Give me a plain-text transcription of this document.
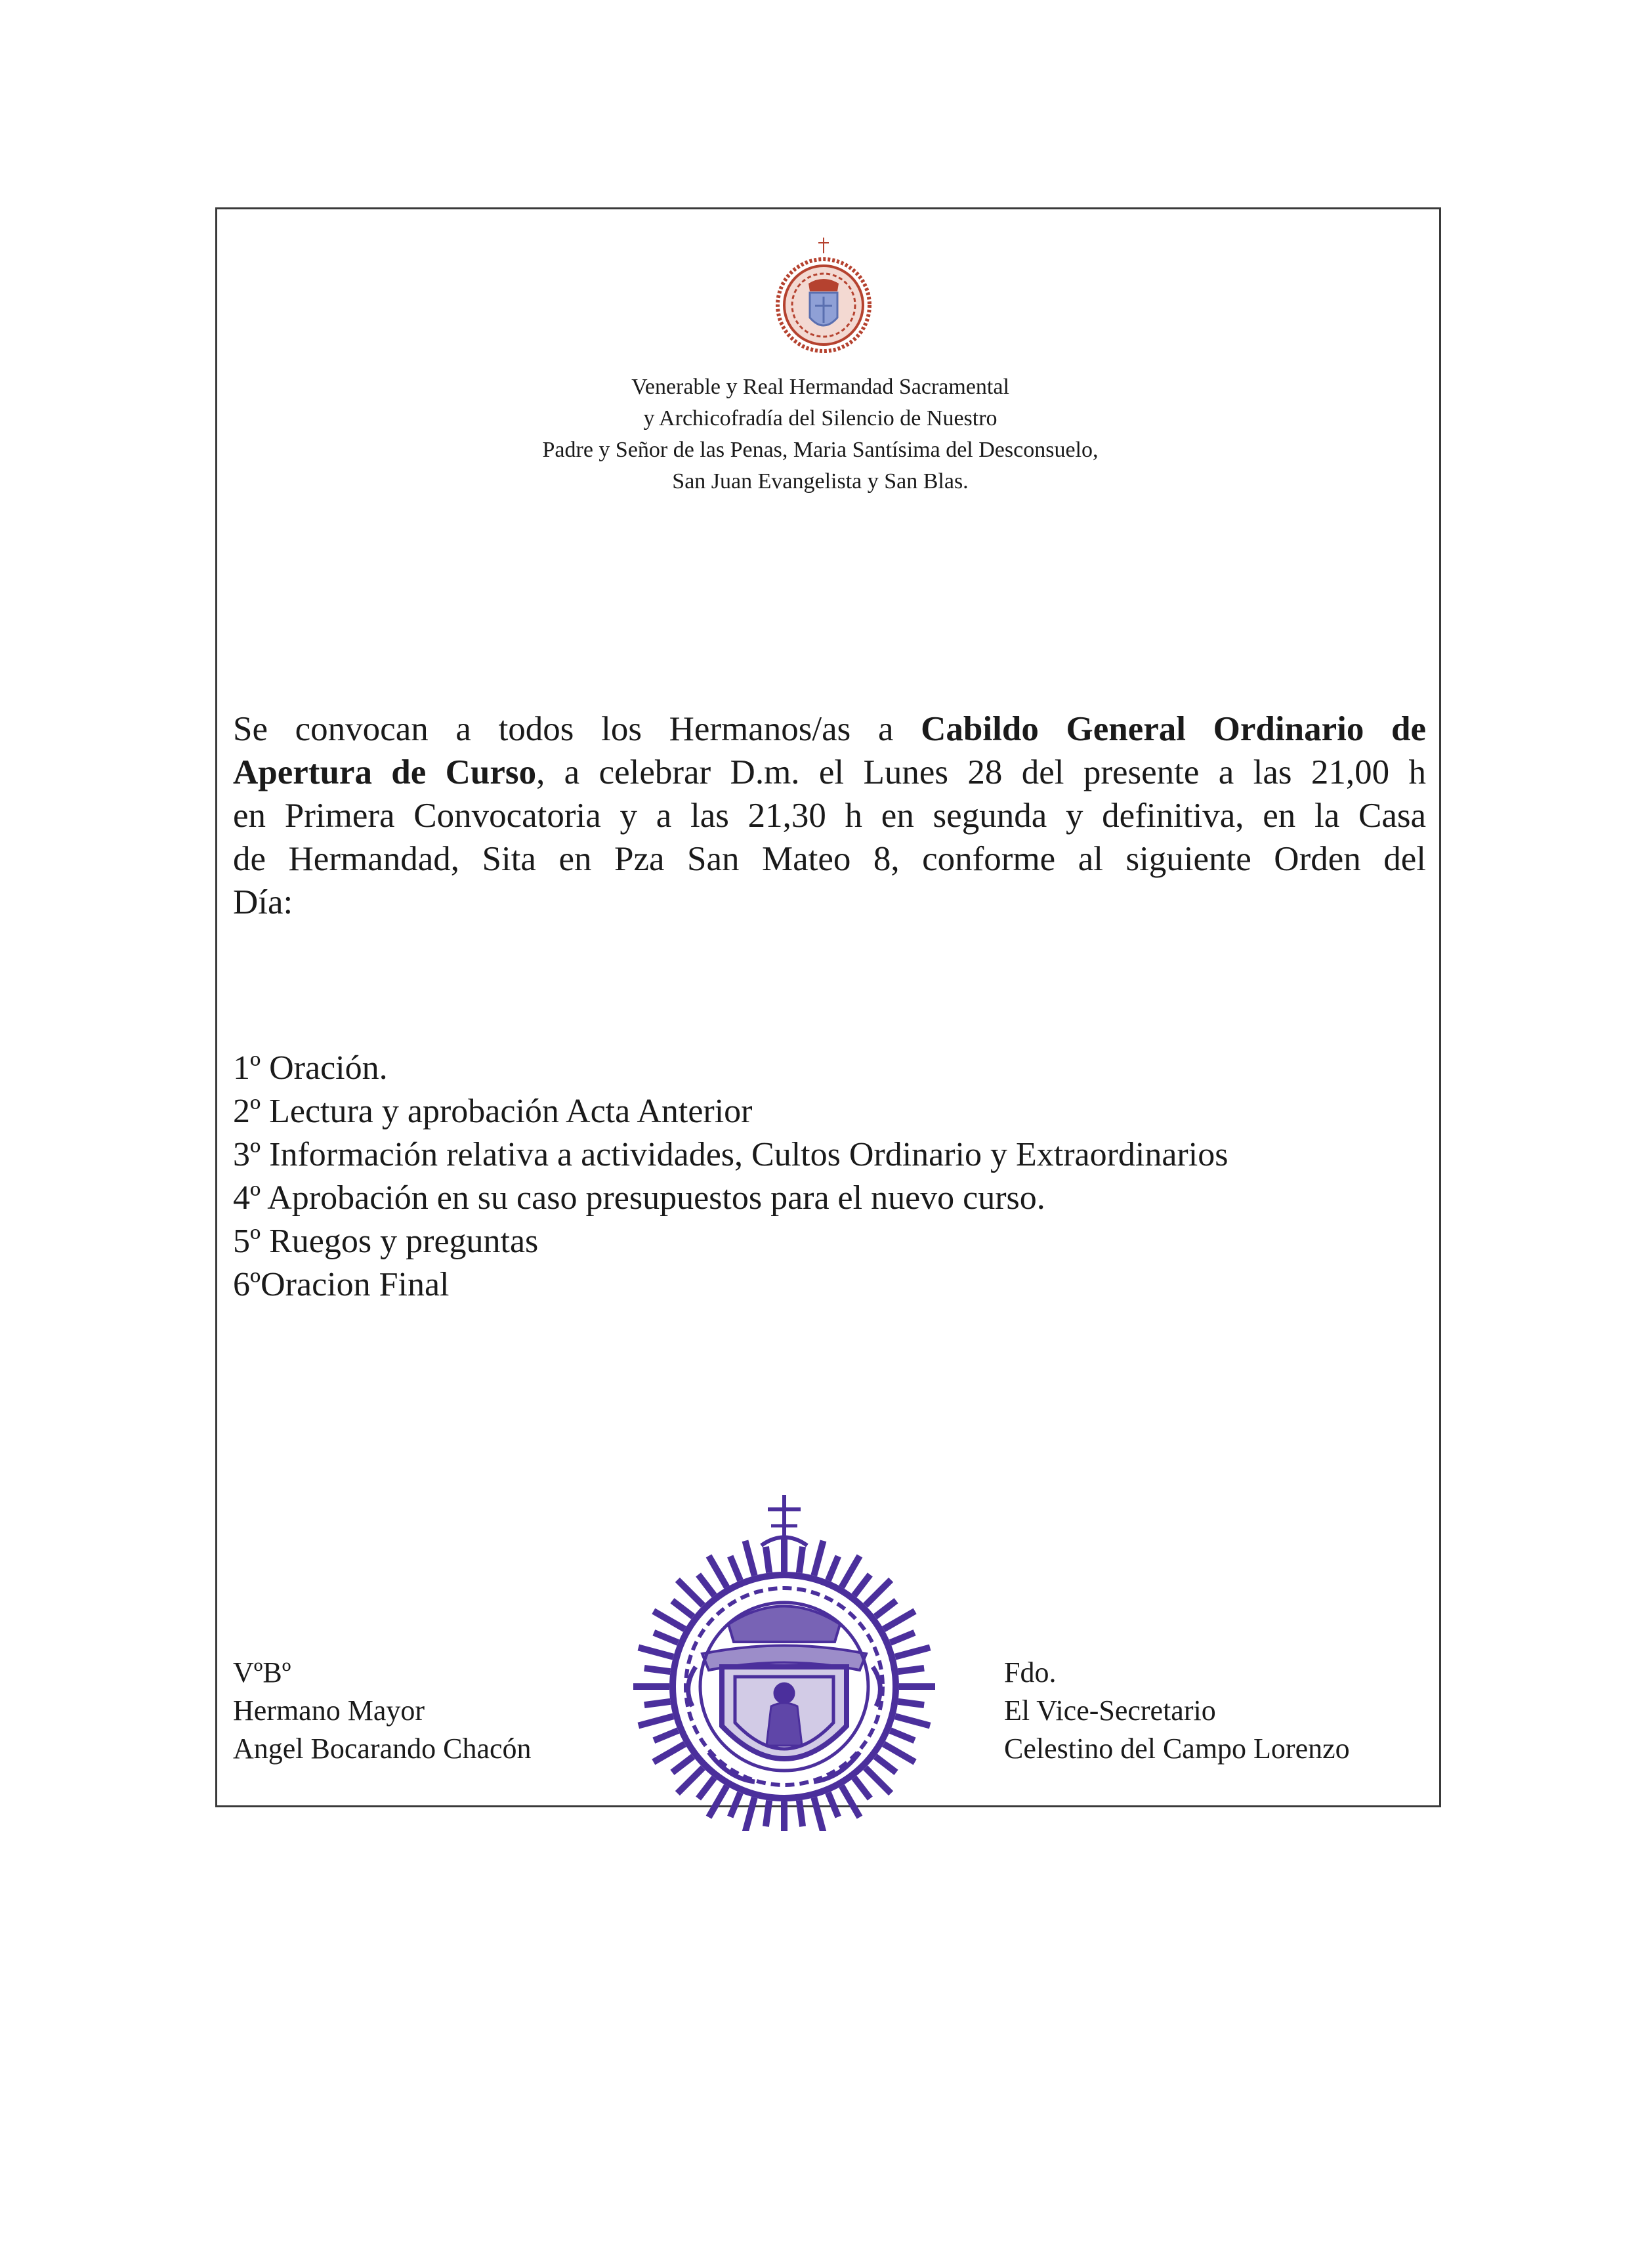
Venerable y Real Hermandad Sacramental
y Archicofradía del Silencio de Nuestro
Padre y Señor de las Penas, Maria Santísima del Desconsuelo,
San Juan Evangelista y San Blas.
Se convocan a todos los Hermanos/as a Cabildo General Ordinario de
Apertura de Curso, a celebrar D.m. el Lunes 28 del presente a las 21,00 h
en Primera Convocatoria y a las 21,30 h en segunda y definitiva, en la Casa
de Hermandad, Sita en Pza San Mateo 8, conforme al siguiente Orden del
Día:
1º Oración.
2º Lectura y aprobación Acta Anterior
3º Información relativa a actividades, Cultos Ordinario y Extraordinarios
4º Aprobación en su caso presupuestos para el nuevo curso.
5º Ruegos y preguntas
6ºOracion Final
VºBº
Hermano Mayor
Angel Bocarando Chacón
Fdo.
El Vice-Secretario
Celestino del Campo Lorenzo
